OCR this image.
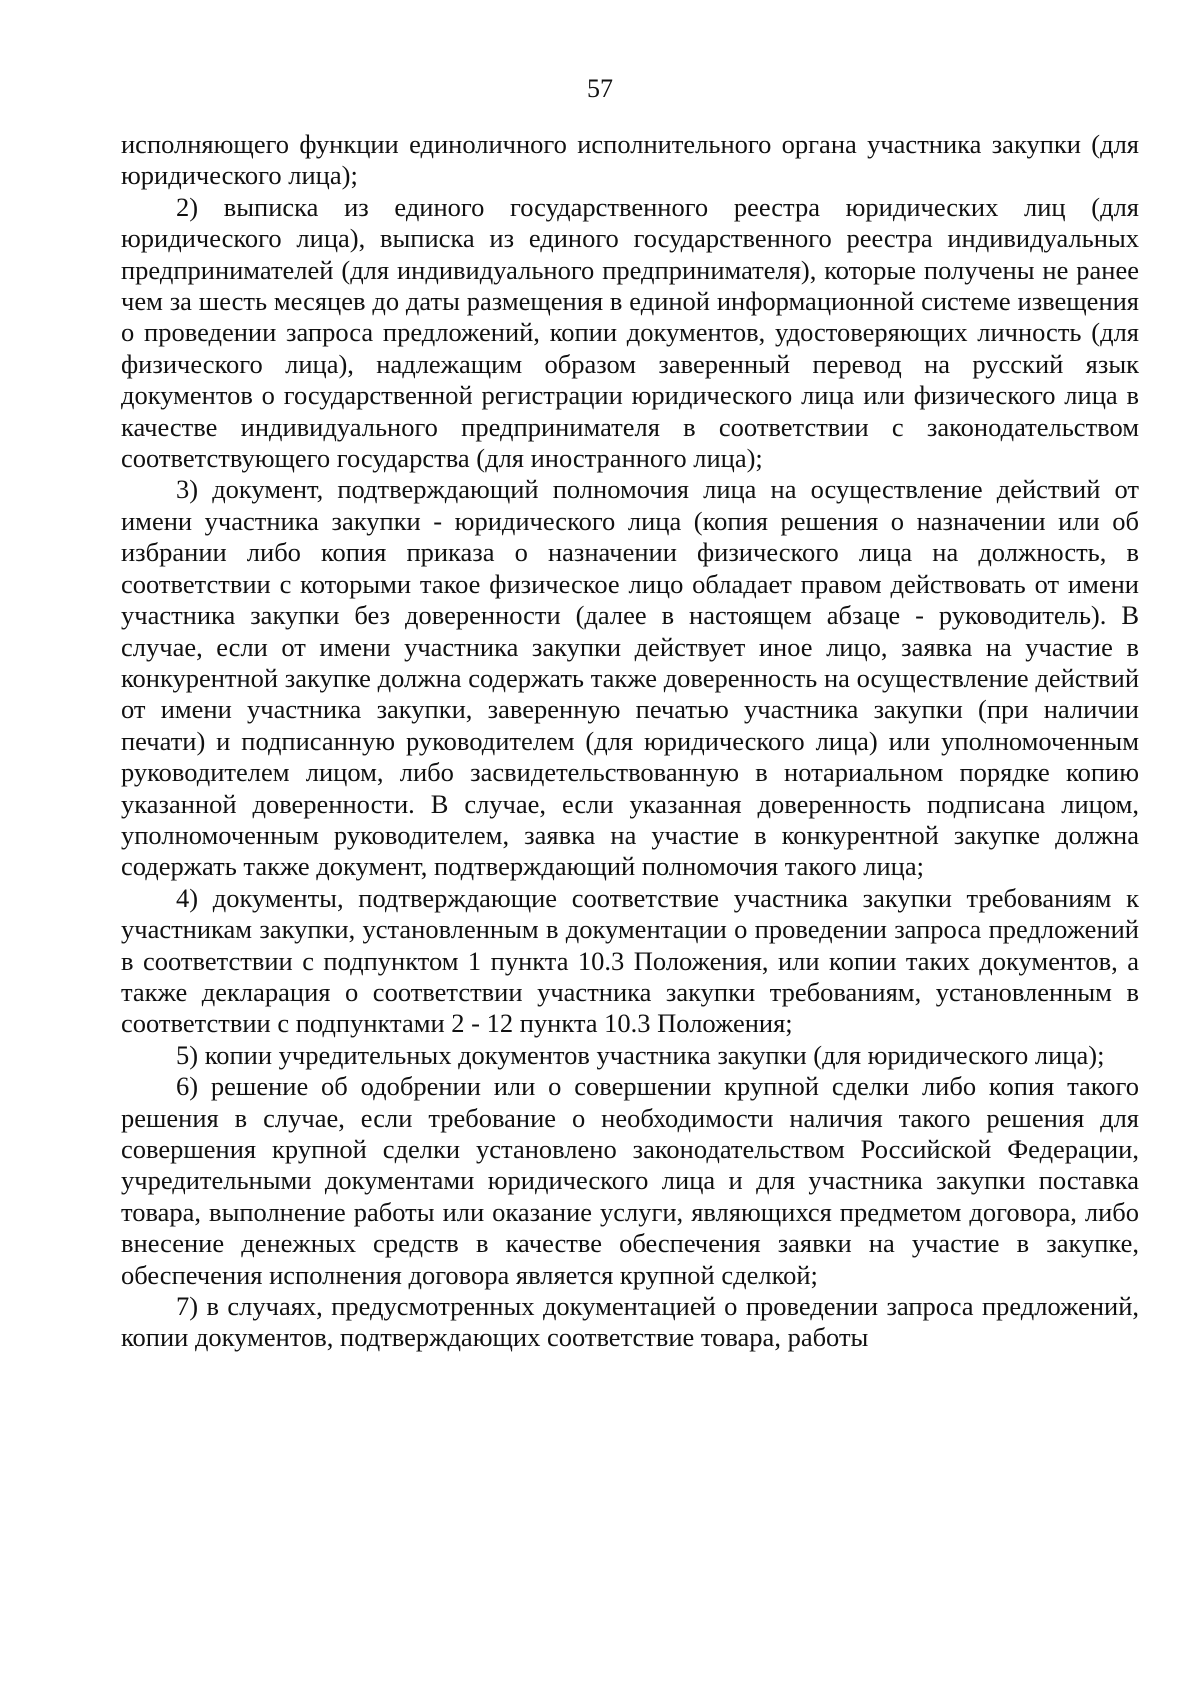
57

исполняющего функции единоличного исполнительного органа участника закупки (для юридического лица);

2) выписка из единого государственного реестра юридических лиц (для юридического лица), выписка из единого государственного реестра индивидуальных предпринимателей (для индивидуального предпринимателя), которые получены не ранее чем за шесть месяцев до даты размещения в единой информационной системе извещения о проведении запроса предложений, копии документов, удостоверяющих личность (для физического лица), надлежащим образом заверенный перевод на русский язык документов о государственной регистрации юридического лица или физического лица в качестве индивидуального предпринимателя в соответствии с законодательством соответствующего государства (для иностранного лица);

3) документ, подтверждающий полномочия лица на осуществление действий от имени участника закупки - юридического лица (копия решения о назначении или об избрании либо копия приказа о назначении физического лица на должность, в соответствии с которыми такое физическое лицо обладает правом действовать от имени участника закупки без доверенности (далее в настоящем абзаце - руководитель). В случае, если от имени участника закупки действует иное лицо, заявка на участие в конкурентной закупке должна содержать также доверенность на осуществление действий от имени участника закупки, заверенную печатью участника закупки (при наличии печати) и подписанную руководителем (для юридического лица) или уполномоченным руководителем лицом, либо засвидетельствованную в нотариальном порядке копию указанной доверенности. В случае, если указанная доверенность подписана лицом, уполномоченным руководителем, заявка на участие в конкурентной закупке должна содержать также документ, подтверждающий полномочия такого лица;

4) документы, подтверждающие соответствие участника закупки требованиям к участникам закупки, установленным в документации о проведении запроса предложений в соответствии с подпунктом 1 пункта 10.3 Положения, или копии таких документов, а также декларация о соответствии участника закупки требованиям, установленным в соответствии с подпунктами 2 - 12 пункта 10.3 Положения;

5) копии учредительных документов участника закупки (для юридического лица);

6) решение об одобрении или о совершении крупной сделки либо копия такого решения в случае, если требование о необходимости наличия такого решения для совершения крупной сделки установлено законодательством Российской Федерации, учредительными документами юридического лица и для участника закупки поставка товара, выполнение работы или оказание услуги, являющихся предметом договора, либо внесение денежных средств в качестве обеспечения заявки на участие в закупке, обеспечения исполнения договора является крупной сделкой;

7) в случаях, предусмотренных документацией о проведении запроса предложений, копии документов, подтверждающих соответствие товара, работы
